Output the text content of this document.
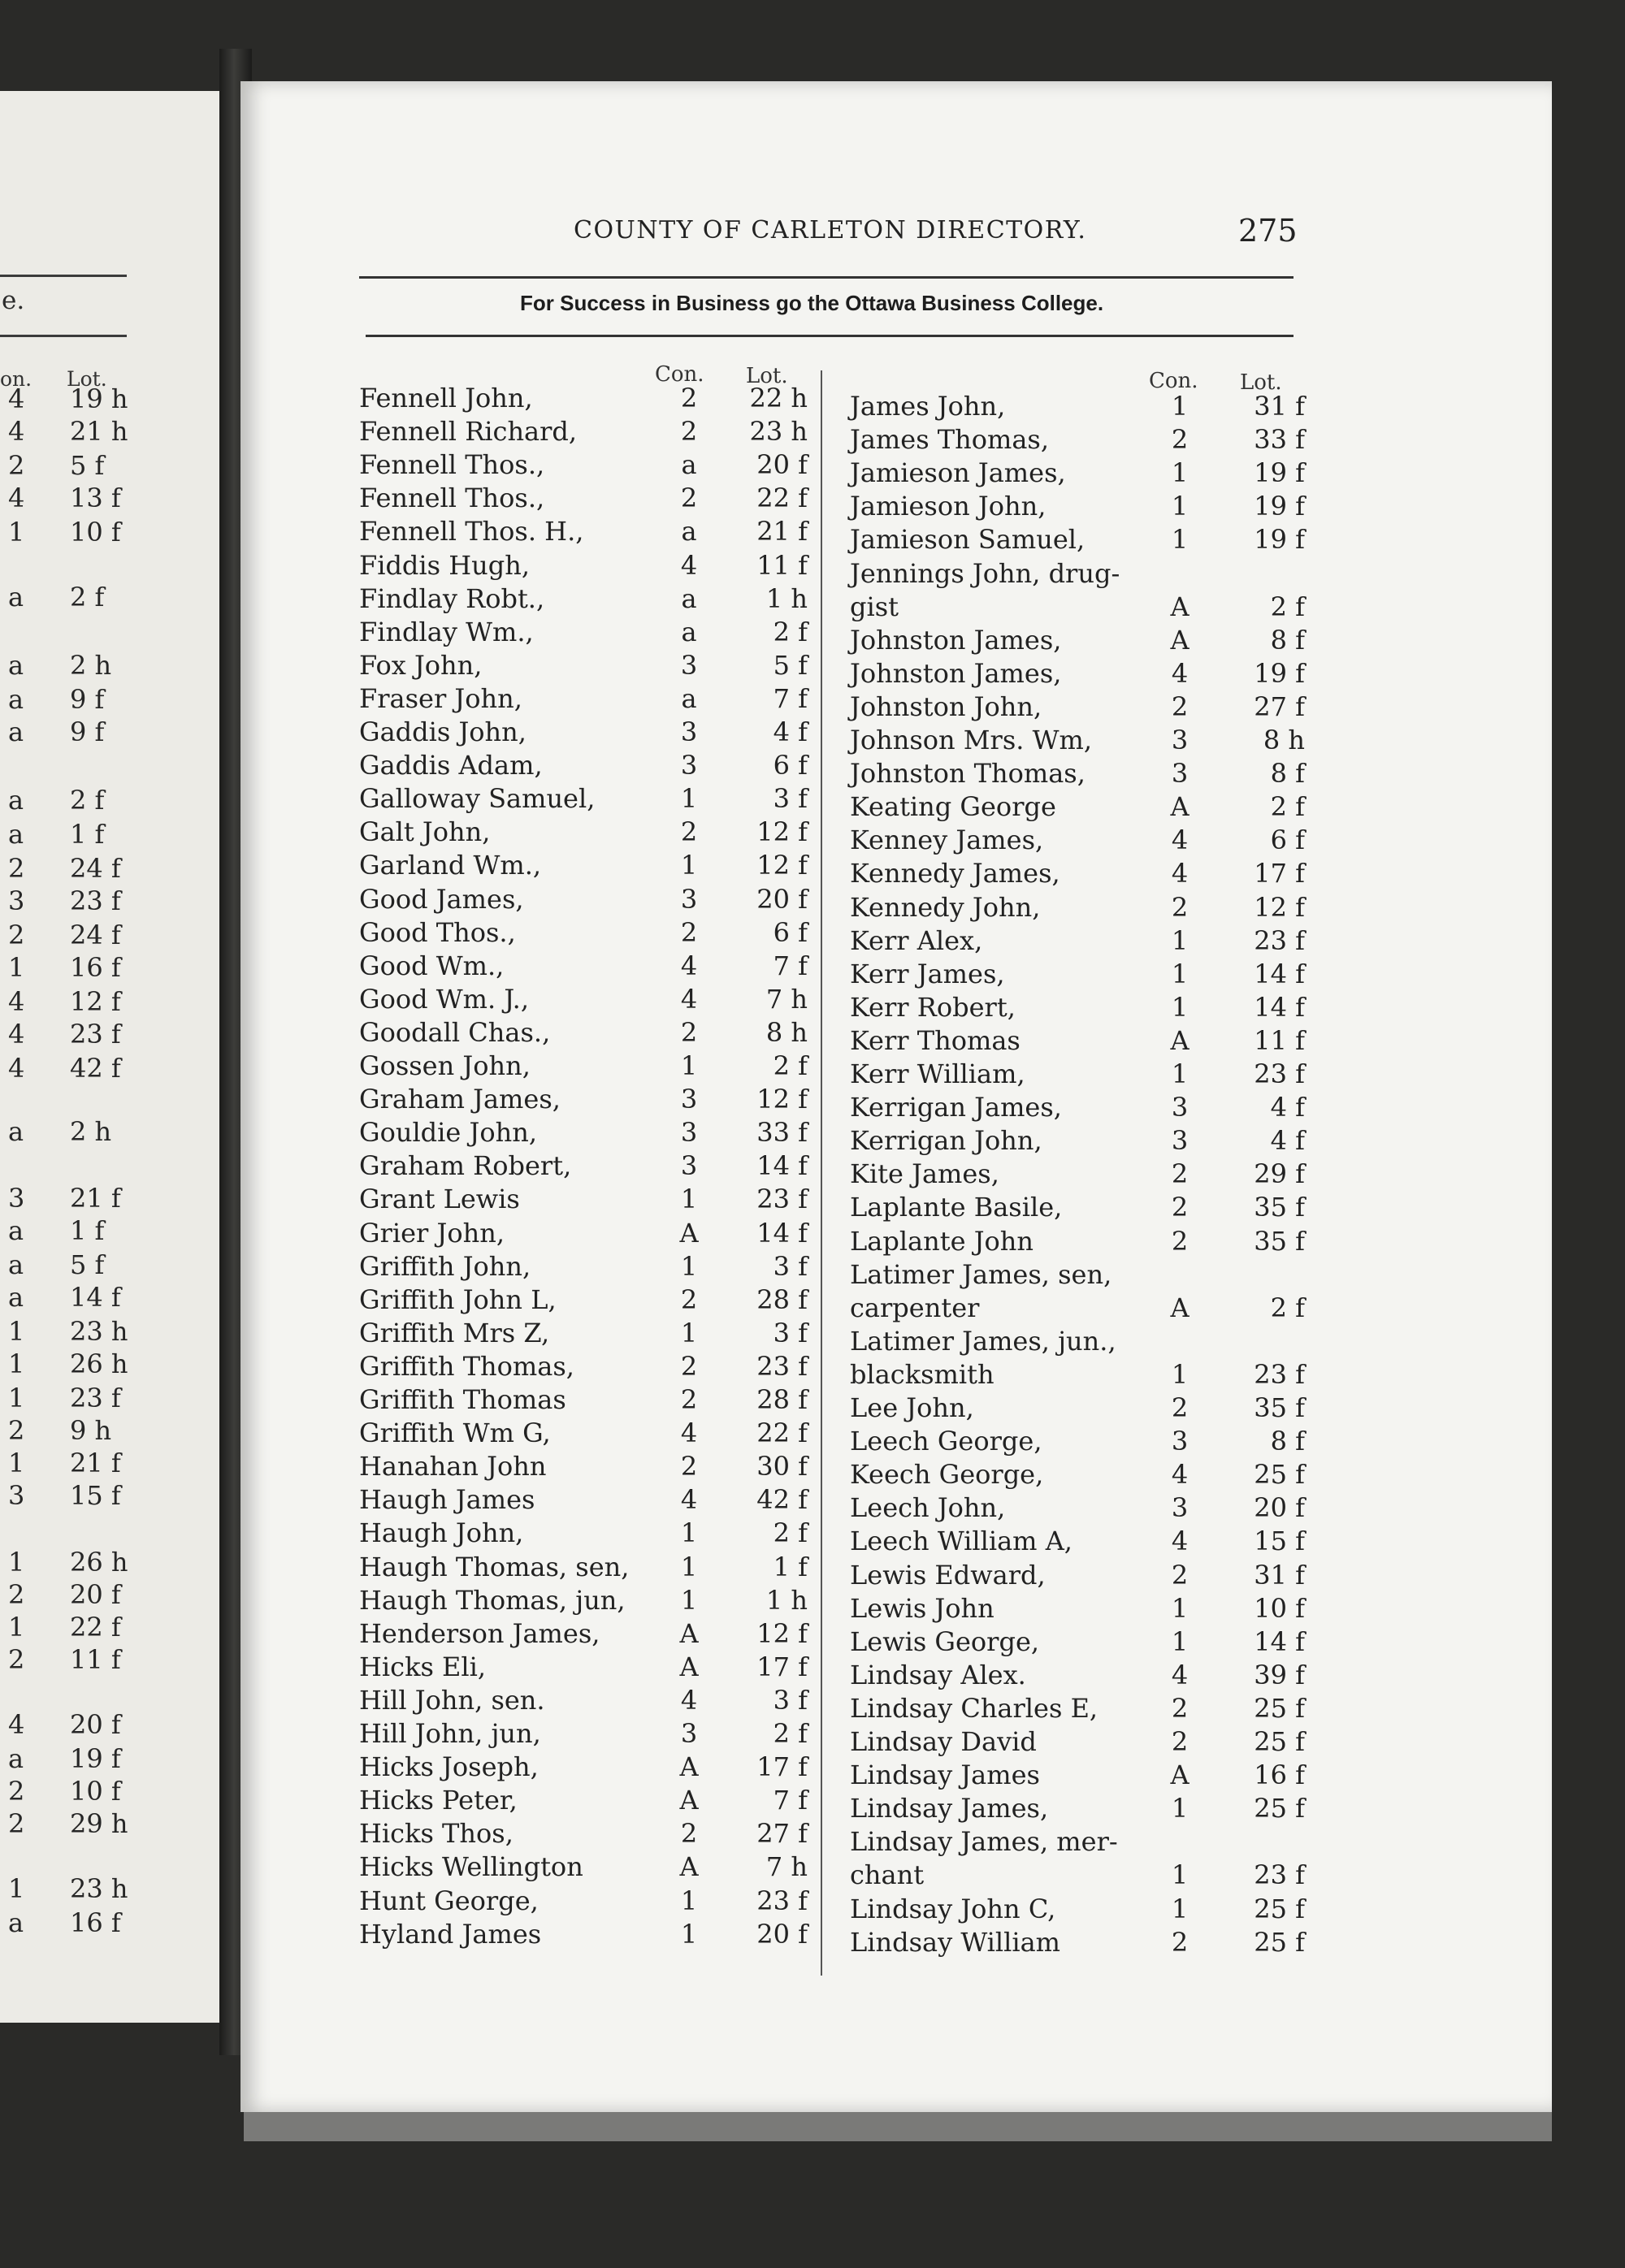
e.
on. Lot.
4 19 h
4 21 h
2 5 f
4 13 f
1 10 f
a 2 f
a 2 h
a 9 f
a 9 f
a 2 f
a 1 f
2 24 f
3 23 f
2 24 f
1 16 f
4 12 f
4 23 f
4 42 f
a 2 h
3 21 f
a 1 f
a 5 f
a 14 f
1 23 h
1 26 h
1 23 f
2 9 h
1 21 f
3 15 f
1 26 h
2 20 f
1 22 f
2 11 f
4 20 f
a 19 f
2 10 f
2 29 h
1 23 h
a 16 f
COUNTY OF CARLETON DIRECTORY.	275
For Success in Business go the Ottawa Business College.
Con. Lot.	Con. Lot.
Fennell John,	2	22 h
Fennell Richard,	2	23 h
Fennell Thos.,	a	20 f
Fennell Thos.,	2	22 f
Fennell Thos. H.,	a	21 f
Fiddis Hugh,	4	11 f
Findlay Robt.,	a	1 h
Findlay Wm.,	a	2 f
Fox John,	3	5 f
Fraser John,	a	7 f
Gaddis John,	3	4 f
Gaddis Adam,	3	6 f
Galloway Samuel,	1	3 f
Galt John,	2	12 f
Garland Wm.,	1	12 f
Good James,	3	20 f
Good Thos.,	2	6 f
Good Wm.,	4	7 f
Good Wm. J.,	4	7 h
Goodall Chas.,	2	8 h
Gossen John,	1	2 f
Graham James,	3	12 f
Gouldie John,	3	33 f
Graham Robert,	3	14 f
Grant Lewis	1	23 f
Grier John,	A	14 f
Griffith John,	1	3 f
Griffith John L,	2	28 f
Griffith Mrs Z,	1	3 f
Griffith Thomas,	2	23 f
Griffith Thomas	2	28 f
Griffith Wm G,	4	22 f
Hanahan John	2	30 f
Haugh James	4	42 f
Haugh John,	1	2 f
Haugh Thomas, sen,	1	1 f
Haugh Thomas, jun,	1	1 h
Henderson James,	A	12 f
Hicks Eli,	A	17 f
Hill John, sen.	4	3 f
Hill John, jun,	3	2 f
Hicks Joseph,	A	17 f
Hicks Peter,	A	7 f
Hicks Thos,	2	27 f
Hicks Wellington	A	7 h
Hunt George,	1	23 f
Hyland James	1	20 f
James John,	1	31 f
James Thomas,	2	33 f
Jamieson James,	1	19 f
Jamieson John,	1	19 f
Jamieson Samuel,	1	19 f
Jennings John, drug-
gist	A	2 f
Johnston James,	A	8 f
Johnston James,	4	19 f
Johnston John,	2	27 f
Johnson Mrs. Wm,	3	8 h
Johnston Thomas,	3	8 f
Keating George	A	2 f
Kenney James,	4	6 f
Kennedy James,	4	17 f
Kennedy John,	2	12 f
Kerr Alex,	1	23 f
Kerr James,	1	14 f
Kerr Robert,	1	14 f
Kerr Thomas	A	11 f
Kerr William,	1	23 f
Kerrigan James,	3	4 f
Kerrigan John,	3	4 f
Kite James,	2	29 f
Laplante Basile,	2	35 f
Laplante John	2	35 f
Latimer James, sen,
carpenter	A	2 f
Latimer James, jun.,
blacksmith	1	23 f
Lee John,	2	35 f
Leech George,	3	8 f
Keech George,	4	25 f
Leech John,	3	20 f
Leech William A,	4	15 f
Lewis Edward,	2	31 f
Lewis John	1	10 f
Lewis George,	1	14 f
Lindsay Alex.	4	39 f
Lindsay Charles E,	2	25 f
Lindsay David	2	25 f
Lindsay James	A	16 f
Lindsay James,	1	25 f
Lindsay James, mer-
chant	1	23 f
Lindsay John C,	1	25 f
Lindsay William	2	25 f
